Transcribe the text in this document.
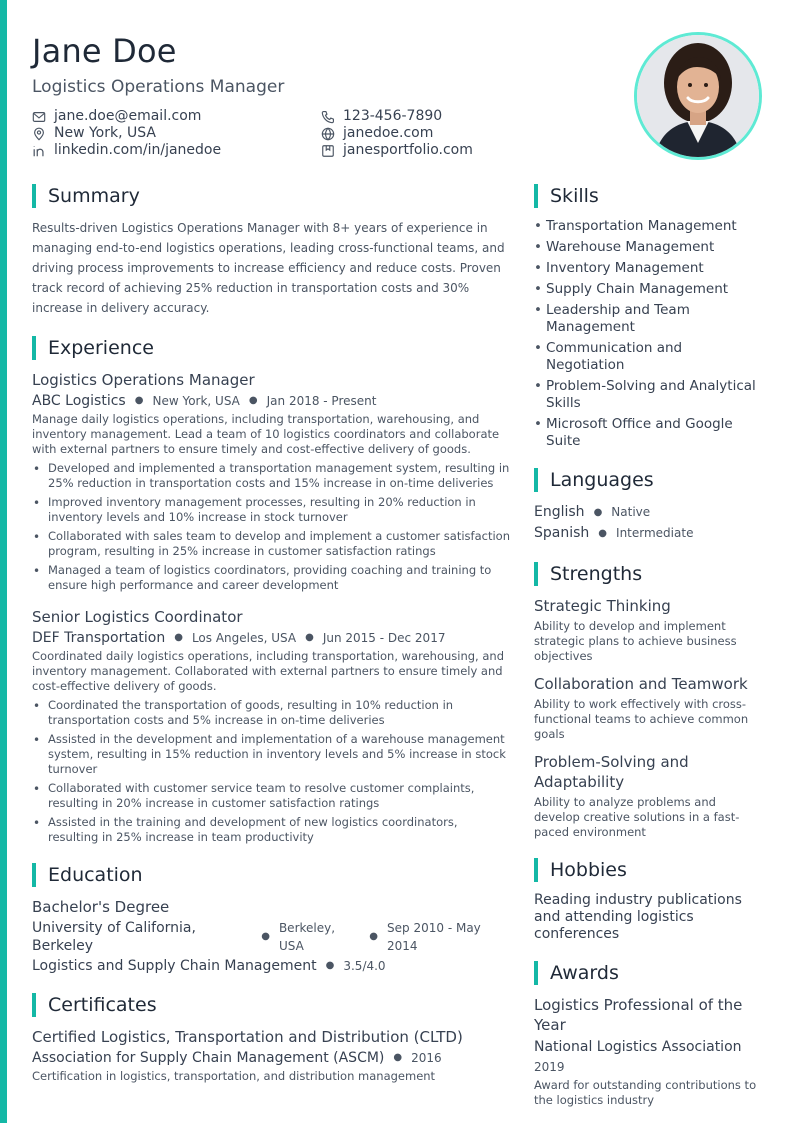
Jane Doe
Logistics Operations Manager
jane.doe@email.com	123-456-7890
New York, USA	janedoe.com
linkedin.com/in/janedoe	janesportfolio.com
Summary
Results-driven Logistics Operations Manager with 8+ years of experience in managing end-to-end logistics operations, leading cross-functional teams, and driving process improvements to increase efficiency and reduce costs. Proven track record of achieving 25% reduction in transportation costs and 30% increase in delivery accuracy.
Experience
Logistics Operations Manager
ABC Logistics ● New York, USA ● Jan 2018 - Present
Manage daily logistics operations, including transportation, warehousing, and inventory management. Lead a team of 10 logistics coordinators and collaborate with external partners to ensure timely and cost-effective delivery of goods.
• Developed and implemented a transportation management system, resulting in 25% reduction in transportation costs and 15% increase in on-time deliveries
• Improved inventory management processes, resulting in 20% reduction in inventory levels and 10% increase in stock turnover
• Collaborated with sales team to develop and implement a customer satisfaction program, resulting in 25% increase in customer satisfaction ratings
• Managed a team of logistics coordinators, providing coaching and training to ensure high performance and career development
Senior Logistics Coordinator
DEF Transportation ● Los Angeles, USA ● Jun 2015 - Dec 2017
Coordinated daily logistics operations, including transportation, warehousing, and inventory management. Collaborated with external partners to ensure timely and cost-effective delivery of goods.
• Coordinated the transportation of goods, resulting in 10% reduction in transportation costs and 5% increase in on-time deliveries
• Assisted in the development and implementation of a warehouse management system, resulting in 15% reduction in inventory levels and 5% increase in stock turnover
• Collaborated with customer service team to resolve customer complaints, resulting in 20% increase in customer satisfaction ratings
• Assisted in the training and development of new logistics coordinators, resulting in 25% increase in team productivity
Education
Bachelor's Degree
University of California, Berkeley
●
Berkeley, USA
●
Sep 2010 - May 2014
Logistics and Supply Chain Management ● 3.5/4.0
Certificates
Certified Logistics, Transportation and Distribution (CLTD)
Association for Supply Chain Management (ASCM) ● 2016
Certification in logistics, transportation, and distribution management
Skills
• Transportation Management
• Warehouse Management
• Inventory Management
• Supply Chain Management
• Leadership and Team Management
• Communication and Negotiation
• Problem-Solving and Analytical Skills
• Microsoft Office and Google Suite
Languages
English ● Native
Spanish ● Intermediate
Strengths
Strategic Thinking
Ability to develop and implement strategic plans to achieve business objectives
Collaboration and Teamwork
Ability to work effectively with cross-functional teams to achieve common goals
Problem-Solving and Adaptability
Ability to analyze problems and develop creative solutions in a fast-paced environment
Hobbies
Reading industry publications and attending logistics conferences
Awards
Logistics Professional of the Year
National Logistics Association
2019
Award for outstanding contributions to the logistics industry
